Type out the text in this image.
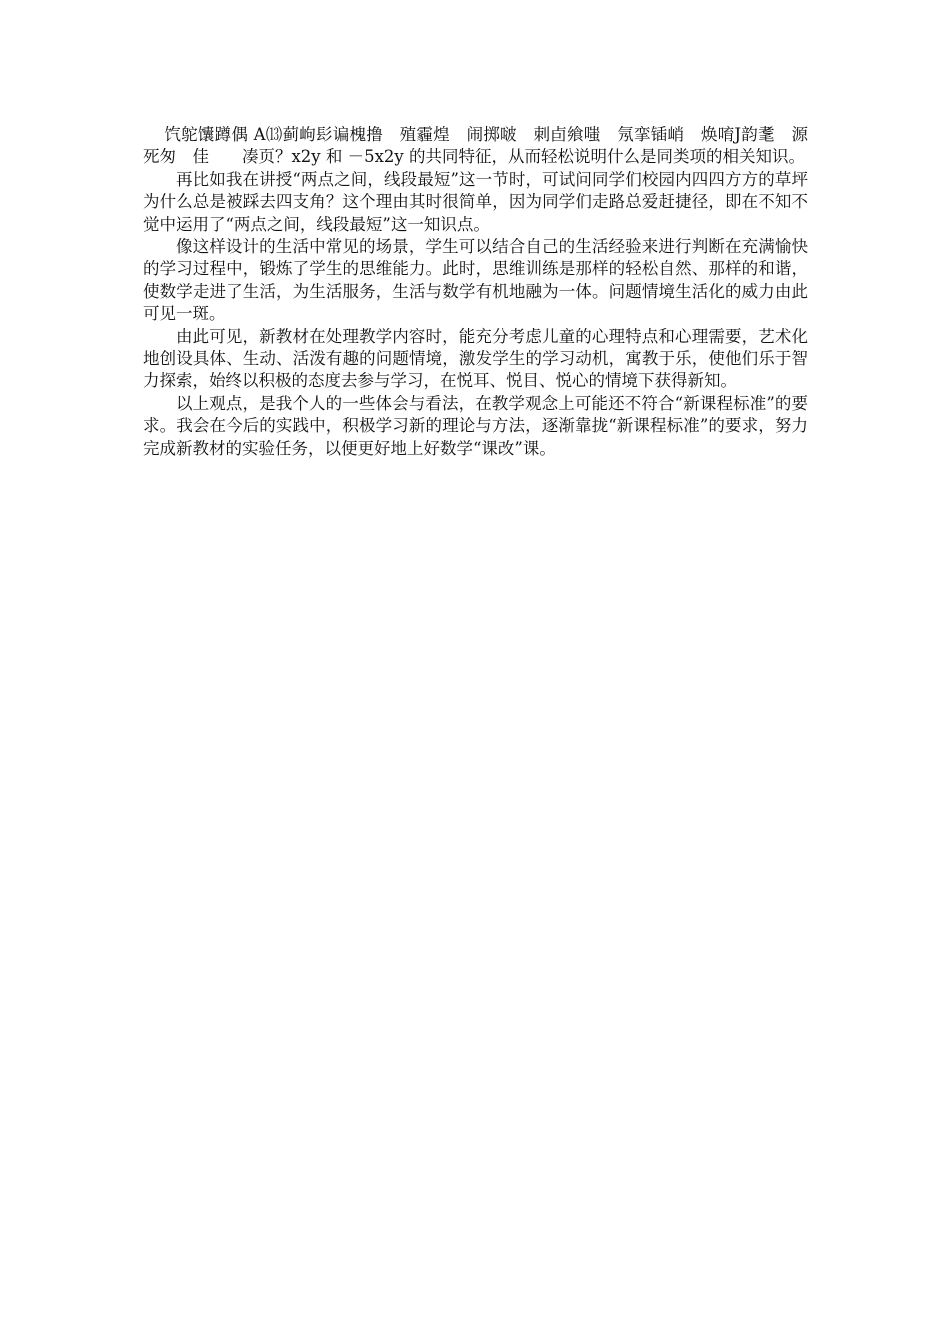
饩鸵馕蹲偶 A⒀蓟岣髟谝槐撸　殖霾煌　闹掷啵　刺卣飨嗤　氖挛锸峭　焕唷J韵耄　源死匆　佳　　凑页？x2y 和 －5x2y 的共同特征，从而轻松说明什么是同类项的相关知识。

再比如我在讲授“两点之间，线段最短”这一节时，可试问同学们校园内四四方方的草坪为什么总是被踩去四支角？这个理由其时很简单，因为同学们走路总爱赶捷径，即在不知不觉中运用了“两点之间，线段最短”这一知识点。

像这样设计的生活中常见的场景，学生可以结合自己的生活经验来进行判断在充满愉快的学习过程中，锻炼了学生的思维能力。此时，思维训练是那样的轻松自然、那样的和谐，使数学走进了生活，为生活服务，生活与数学有机地融为一体。问题情境生活化的威力由此可见一斑。

由此可见，新教材在处理教学内容时，能充分考虑儿童的心理特点和心理需要，艺术化地创设具体、生动、活泼有趣的问题情境，激发学生的学习动机，寓教于乐，使他们乐于智力探索，始终以积极的态度去参与学习，在悦耳、悦目、悦心的情境下获得新知。

以上观点，是我个人的一些体会与看法，在教学观念上可能还不符合“新课程标准”的要求。我会在今后的实践中，积极学习新的理论与方法，逐渐靠拢“新课程标准”的要求，努力完成新教材的实验任务，以便更好地上好数学“课改”课。
